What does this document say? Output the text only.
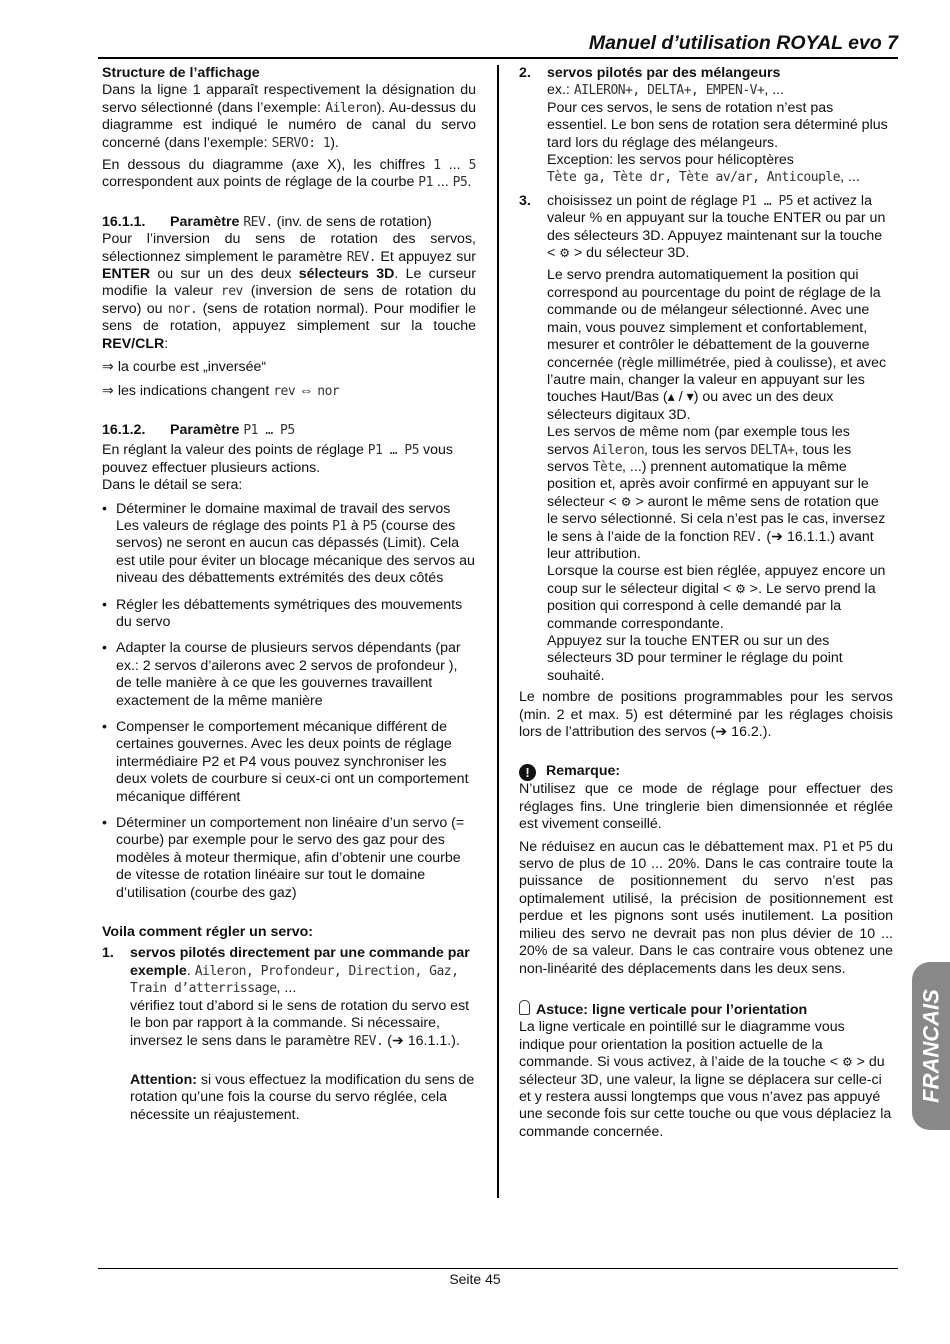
Manuel d’utilisation ROYAL evo 7

Structure de l’affichage

Dans la ligne 1 apparaît respectivement la désignation du servo sélectionné (dans l’exemple: Aileron). Au-dessus du diagramme est indiqué le numéro de canal du servo concerné (dans l’exemple: SERVO: 1).

En dessous du diagramme (axe X), les chiffres 1 ... 5 correspondent aux points de réglage de la courbe P1 ... P5.

16.1.1. Paramètre REV. (inv. de sens de rotation)

Pour l’inversion du sens de rotation des servos, sélectionnez simplement le paramètre REV. Et appuyez sur ENTER ou sur un des deux sélecteurs 3D. Le curseur modifie la valeur rev (inversion de sens de rotation du servo) ou nor. (sens de rotation normal). Pour modifier le sens de rotation, appuyez simplement sur la touche REV/CLR:

⇒ la courbe est „inversée“

⇒ les indications changent rev ⇔ nor

16.1.2. Paramètre P1 … P5

En réglant la valeur des points de réglage P1 … P5 vous pouvez effectuer plusieurs actions.

Dans le détail se sera:

• Déterminer le domaine maximal de travail des servos

Les valeurs de réglage des points P1 à P5 (course des servos) ne seront en aucun cas dépassés (Limit). Cela est utile pour éviter un blocage mécanique des servos au niveau des débattements extrémités des deux côtés

• Régler les débattements symétriques des mouvements du servo
• Adapter la course de plusieurs servos dépendants (par ex.: 2 servos d’ailerons avec 2 servos de profondeur ), de telle manière à ce que les gouvernes travaillent exactement de la même manière
• Compenser le comportement mécanique différent de certaines gouvernes. Avec les deux points de réglage intermédiaire P2 et P4 vous pouvez synchroniser les deux volets de courbure si ceux-ci ont un comportement mécanique différent
• Déterminer un comportement non linéaire d’un servo (= courbe) par exemple pour le servo des gaz pour des modèles à moteur thermique, afin d’obtenir une courbe de vitesse de rotation linéaire sur tout le domaine d’utilisation (courbe des gaz)

Voila comment régler un servo:

1. servos pilotés directement par une commande par exemple. Aileron, Profondeur, Direction, Gaz, Train d’atterrissage, ...

vérifiez tout d’abord si le sens de rotation du servo est le bon par rapport à la commande. Si nécessaire, inversez le sens dans le paramètre REV. (➔ 16.1.1.).

Attention: si vous effectuez la modification du sens de rotation qu’une fois la course du servo réglée, cela nécessite un réajustement.

2. servos pilotés par des mélangeurs

ex.: AILERON+, DELTA+, EMPEN-V+, ...

Pour ces servos, le sens de rotation n’est pas essentiel. Le bon sens de rotation sera déterminé plus tard lors du réglage des mélangeurs.

Exception: les servos pour hélicoptères

Tète ga, Tète dr, Tète av/ar, Anticouple, ...

3. choisissez un point de réglage P1 … P5 et activez la valeur % en appuyant sur la touche ENTER ou par un des sélecteurs 3D. Appuyez maintenant sur la touche < ⚙ > du sélecteur 3D.

Le servo prendra automatiquement la position qui correspond au pourcentage du point de réglage de la commande ou de mélangeur sélectionné. Avec une main, vous pouvez simplement et confortablement, mesurer et contrôler le débattement de la gouverne concernée (règle millimétrée, pied à coulisse), et avec l’autre main, changer la valeur en appuyant sur les touches Haut/Bas (▴ / ▾) ou avec un des deux sélecteurs digitaux 3D.

Les servos de même nom (par exemple tous les servos Aileron, tous les servos DELTA+, tous les servos Tète, ...) prennent automatique la même position et, après avoir confirmé en appuyant sur le sélecteur < ⚙ > auront le même sens de rotation que le servo sélectionné. Si cela n’est pas le cas, inversez le sens à l’aide de la fonction REV. (➔ 16.1.1.) avant leur attribution.

Lorsque la course est bien réglée, appuyez encore un coup sur le sélecteur digital < ⚙ >. Le servo prend la position qui correspond à celle demandé par la commande correspondante.

Appuyez sur la touche ENTER ou sur un des sélecteurs 3D pour terminer le réglage du point souhaité.

Le nombre de positions programmables pour les servos (min. 2 et max. 5) est déterminé par les réglages choisis lors de l’attribution des servos (➔ 16.2.).

! Remarque:

N’utilisez que ce mode de réglage pour effectuer des réglages fins. Une tringlerie bien dimensionnée et réglée est vivement conseillé.

Ne réduisez en aucun cas le débattement max. P1 et P5 du servo de plus de 10 ... 20%. Dans le cas contraire toute la puissance de positionnement du servo n’est pas optimalement utilisé, la précision de positionnement est perdue et les pignons sont usés inutilement. La position milieu des servo ne devrait pas non plus dévier de 10 ... 20% de sa valeur. Dans le cas contraire vous obtenez une non-linéarité des déplacements dans les deux sens.

Astuce: ligne verticale pour l’orientation

La ligne verticale en pointillé sur le diagramme vous indique pour orientation la position actuelle de la commande. Si vous activez, à l’aide de la touche < ⚙ > du sélecteur 3D, une valeur, la ligne se déplacera sur celle-ci et y restera aussi longtemps que vous n’avez pas appuyé une seconde fois sur cette touche ou que vous déplaciez la commande concernée.

FRANCAIS
Seite 45
